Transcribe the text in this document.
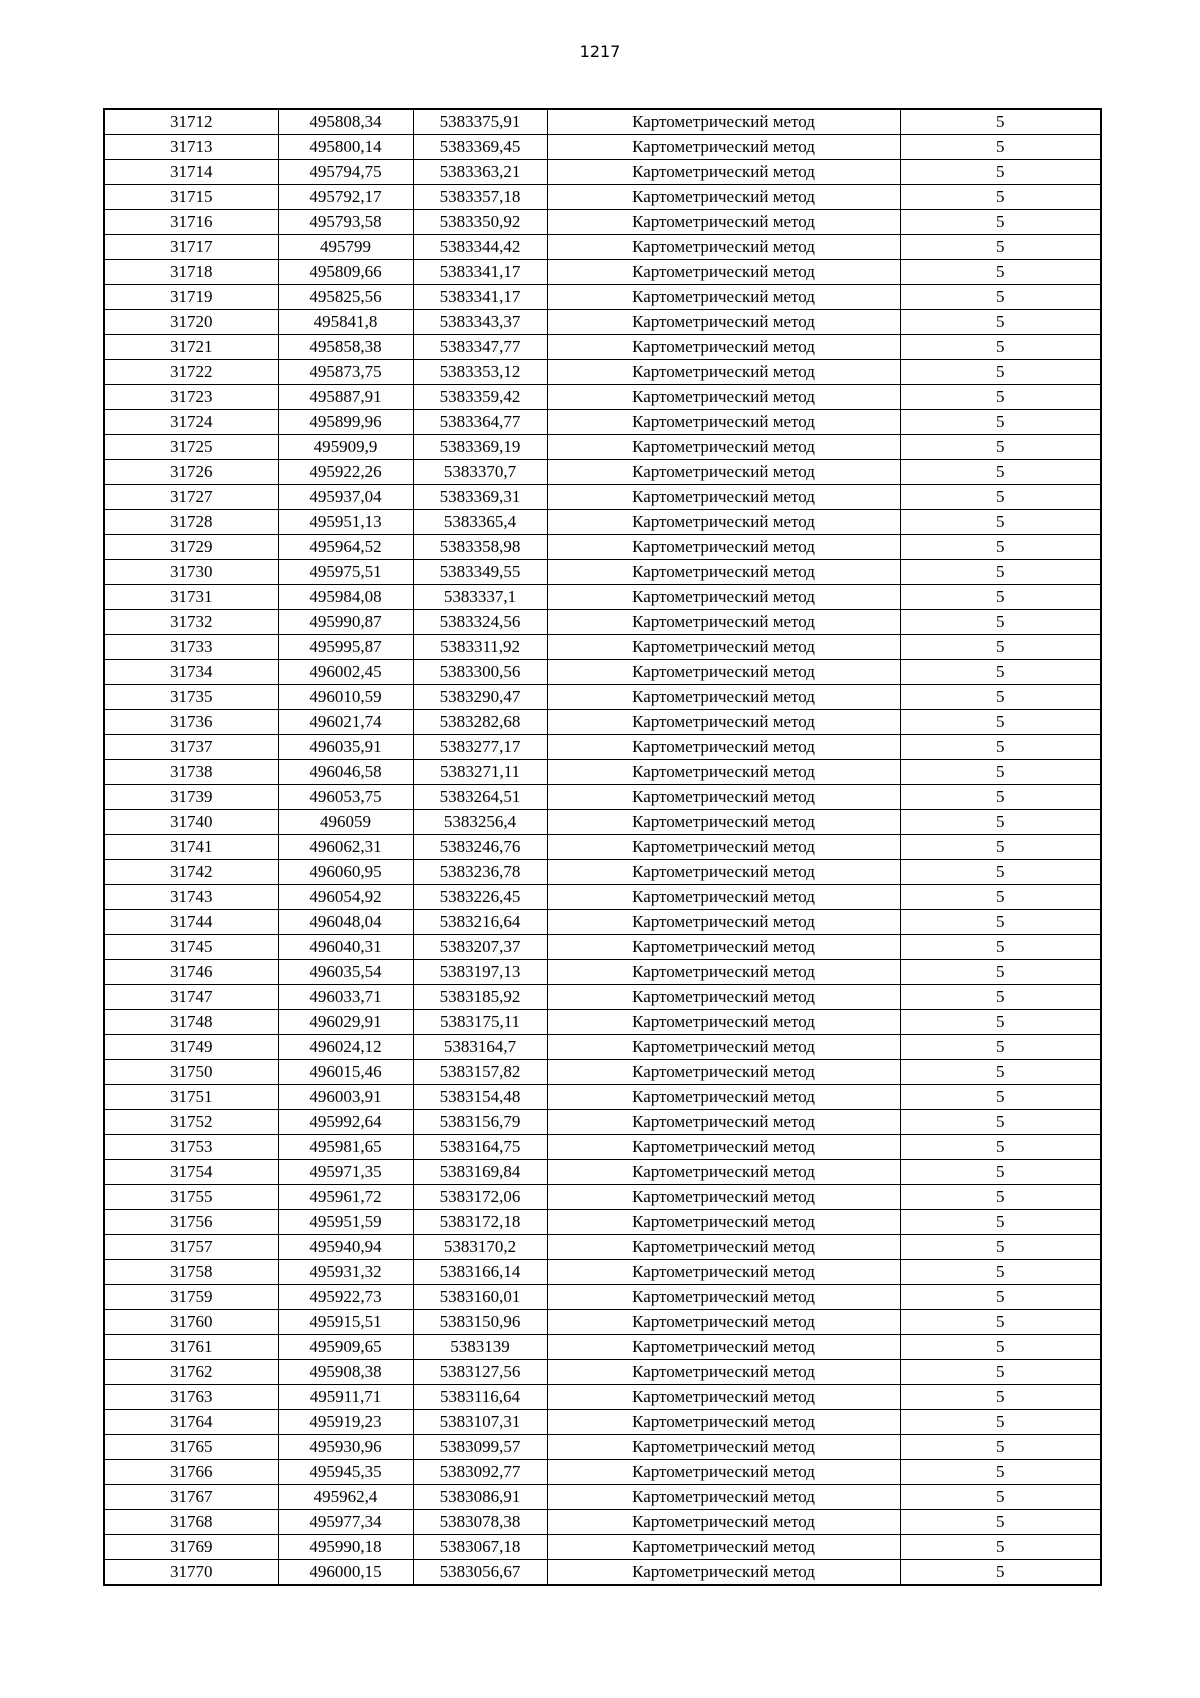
1217
31712	495808,34	5383375,91	Картометрический метод	5
31713	495800,14	5383369,45	Картометрический метод	5
31714	495794,75	5383363,21	Картометрический метод	5
31715	495792,17	5383357,18	Картометрический метод	5
31716	495793,58	5383350,92	Картометрический метод	5
31717	495799	5383344,42	Картометрический метод	5
31718	495809,66	5383341,17	Картометрический метод	5
31719	495825,56	5383341,17	Картометрический метод	5
31720	495841,8	5383343,37	Картометрический метод	5
31721	495858,38	5383347,77	Картометрический метод	5
31722	495873,75	5383353,12	Картометрический метод	5
31723	495887,91	5383359,42	Картометрический метод	5
31724	495899,96	5383364,77	Картометрический метод	5
31725	495909,9	5383369,19	Картометрический метод	5
31726	495922,26	5383370,7	Картометрический метод	5
31727	495937,04	5383369,31	Картометрический метод	5
31728	495951,13	5383365,4	Картометрический метод	5
31729	495964,52	5383358,98	Картометрический метод	5
31730	495975,51	5383349,55	Картометрический метод	5
31731	495984,08	5383337,1	Картометрический метод	5
31732	495990,87	5383324,56	Картометрический метод	5
31733	495995,87	5383311,92	Картометрический метод	5
31734	496002,45	5383300,56	Картометрический метод	5
31735	496010,59	5383290,47	Картометрический метод	5
31736	496021,74	5383282,68	Картометрический метод	5
31737	496035,91	5383277,17	Картометрический метод	5
31738	496046,58	5383271,11	Картометрический метод	5
31739	496053,75	5383264,51	Картометрический метод	5
31740	496059	5383256,4	Картометрический метод	5
31741	496062,31	5383246,76	Картометрический метод	5
31742	496060,95	5383236,78	Картометрический метод	5
31743	496054,92	5383226,45	Картометрический метод	5
31744	496048,04	5383216,64	Картометрический метод	5
31745	496040,31	5383207,37	Картометрический метод	5
31746	496035,54	5383197,13	Картометрический метод	5
31747	496033,71	5383185,92	Картометрический метод	5
31748	496029,91	5383175,11	Картометрический метод	5
31749	496024,12	5383164,7	Картометрический метод	5
31750	496015,46	5383157,82	Картометрический метод	5
31751	496003,91	5383154,48	Картометрический метод	5
31752	495992,64	5383156,79	Картометрический метод	5
31753	495981,65	5383164,75	Картометрический метод	5
31754	495971,35	5383169,84	Картометрический метод	5
31755	495961,72	5383172,06	Картометрический метод	5
31756	495951,59	5383172,18	Картометрический метод	5
31757	495940,94	5383170,2	Картометрический метод	5
31758	495931,32	5383166,14	Картометрический метод	5
31759	495922,73	5383160,01	Картометрический метод	5
31760	495915,51	5383150,96	Картометрический метод	5
31761	495909,65	5383139	Картометрический метод	5
31762	495908,38	5383127,56	Картометрический метод	5
31763	495911,71	5383116,64	Картометрический метод	5
31764	495919,23	5383107,31	Картометрический метод	5
31765	495930,96	5383099,57	Картометрический метод	5
31766	495945,35	5383092,77	Картометрический метод	5
31767	495962,4	5383086,91	Картометрический метод	5
31768	495977,34	5383078,38	Картометрический метод	5
31769	495990,18	5383067,18	Картометрический метод	5
31770	496000,15	5383056,67	Картометрический метод	5
